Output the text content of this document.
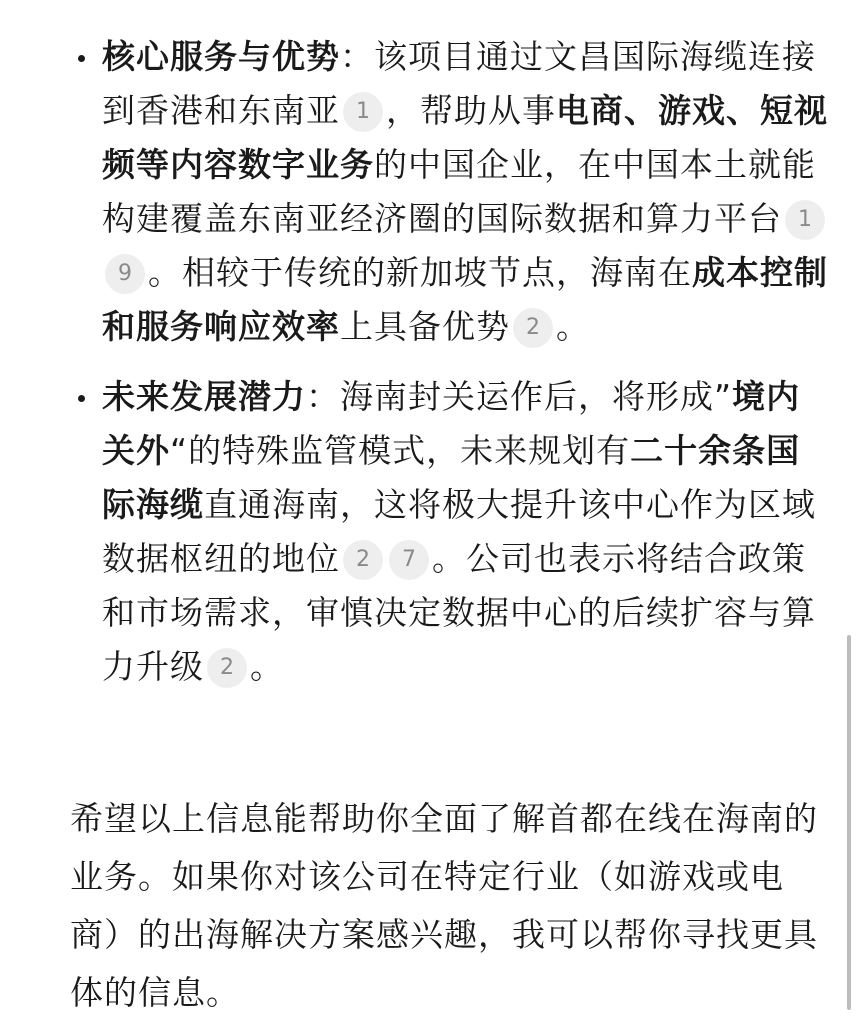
核心服务与优势：该项目通过文昌国际海缆连接到香港和东南亚 1 ，帮助从事电商、游戏、短视频等内容数字业务的中国企业，在中国本土就能构建覆盖东南亚经济圈的国际数据和算力平台 19 。相较于传统的新加坡节点，海南在成本控制和服务响应效率上具备优势 2 。
未来发展潜力：海南封关运作后，将形成”境内关外“的特殊监管模式，未来规划有二十余条国际海缆直通海南，这将极大提升该中心作为区域数据枢纽的地位 2 7 。公司也表示将结合政策和市场需求，审慎决定数据中心的后续扩容与算力升级 2 。

希望以上信息能帮助你全面了解首都在线在海南的业务。如果你对该公司在特定行业（如游戏或电商）的出海解决方案感兴趣，我可以帮你寻找更具体的信息。
